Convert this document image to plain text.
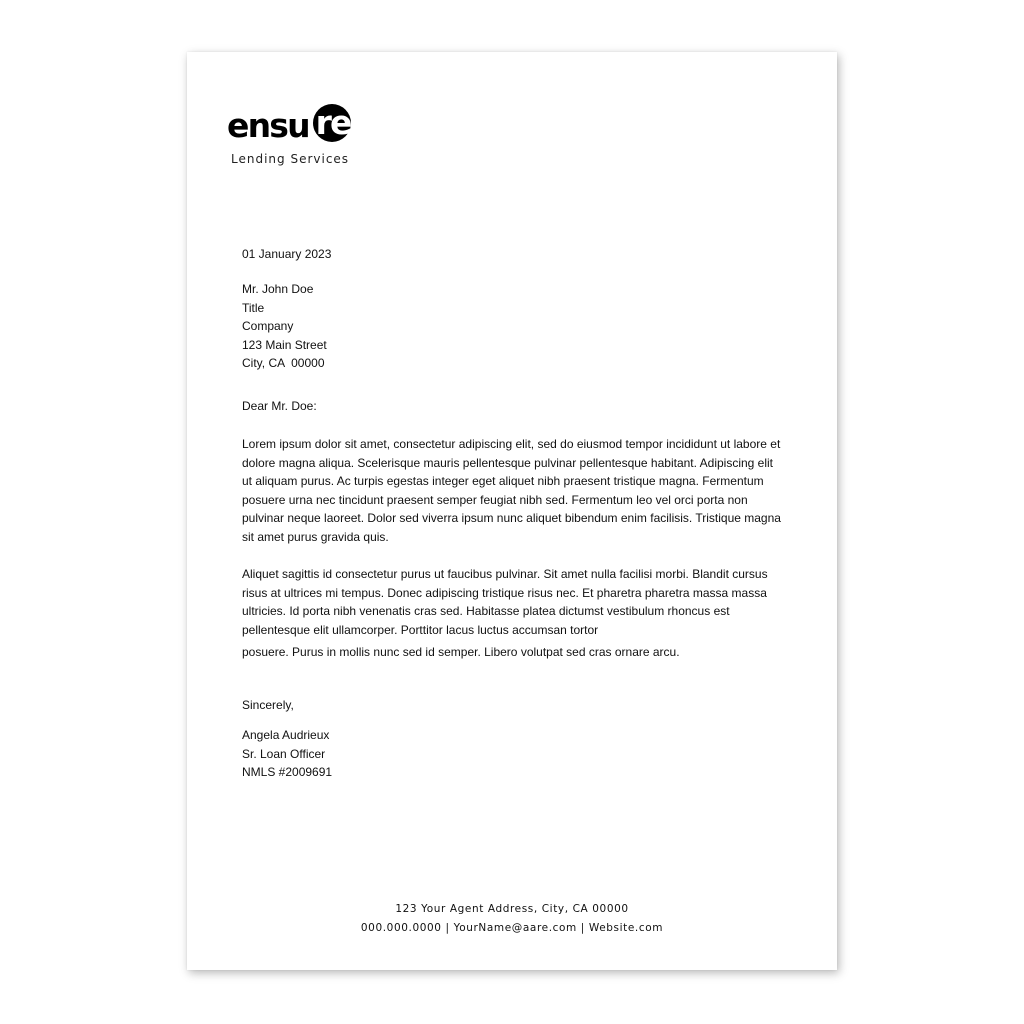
ensu re
Lending Services
01 January 2023
Mr. John Doe
Title
Company
123 Main Street
City, CA  00000
Dear Mr. Doe:
Lorem ipsum dolor sit amet, consectetur adipiscing elit, sed do eiusmod tempor incididunt ut labore et dolore magna aliqua. Scelerisque mauris pellentesque pulvinar pellentesque habitant. Adipiscing elit ut aliquam purus. Ac turpis egestas integer eget aliquet nibh praesent tristique magna. Fermentum posuere urna nec tincidunt praesent semper feugiat nibh sed. Fermentum leo vel orci porta non pulvinar neque laoreet. Dolor sed viverra ipsum nunc aliquet bibendum enim facilisis. Tristique magna sit amet purus gravida quis.
Aliquet sagittis id consectetur purus ut faucibus pulvinar. Sit amet nulla facilisi morbi. Blandit cursus risus at ultrices mi tempus. Donec adipiscing tristique risus nec. Et pharetra pharetra massa massa ultricies. Id porta nibh venenatis cras sed. Habitasse platea dictumst vestibulum rhoncus est pellentesque elit ullamcorper. Porttitor lacus luctus accumsan tortor
posuere. Purus in mollis nunc sed id semper. Libero volutpat sed cras ornare arcu.
Sincerely,
Angela Audrieux
Sr. Loan Officer
NMLS #2009691
123 Your Agent Address, City, CA 00000
000.000.0000 | YourName@aare.com | Website.com
